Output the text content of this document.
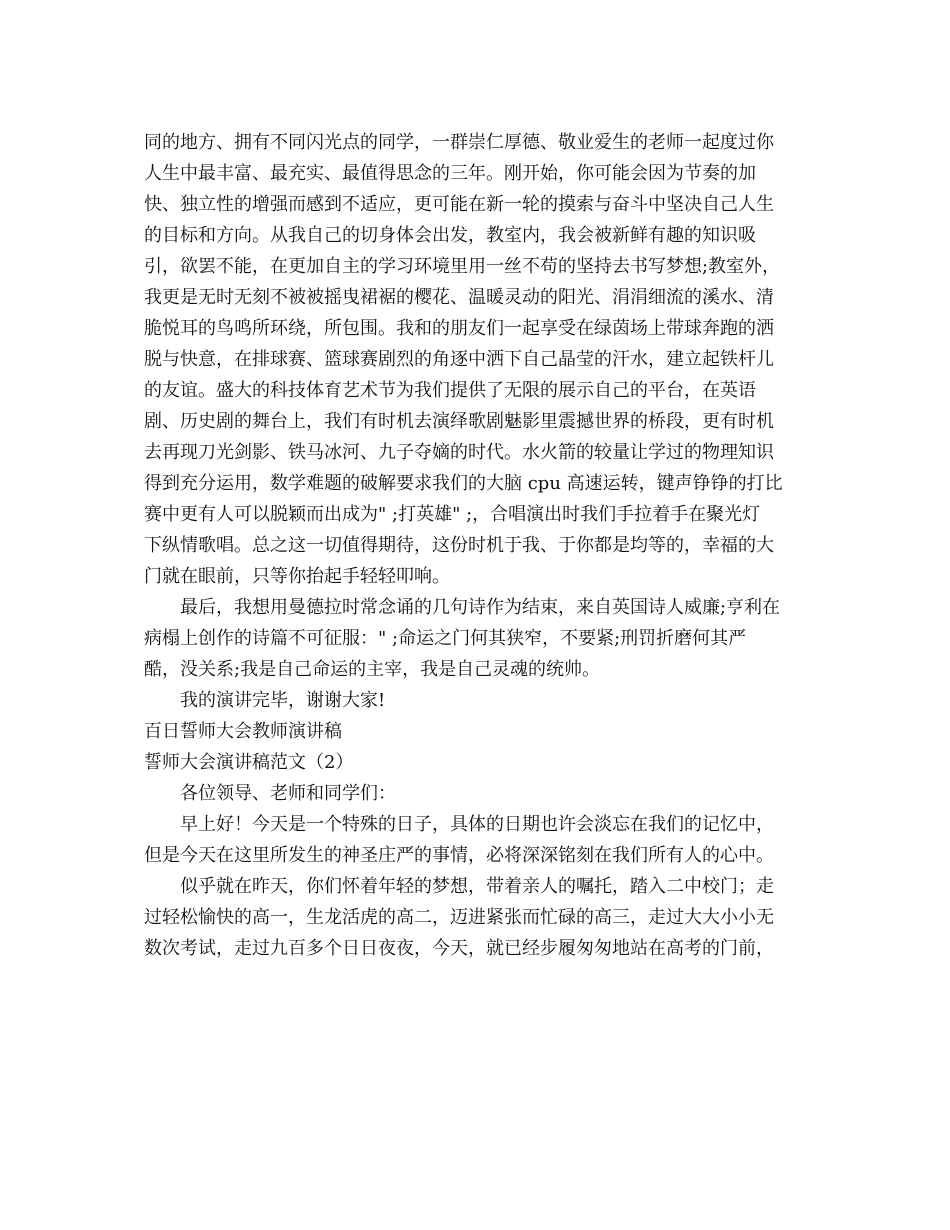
同的地方、拥有不同闪光点的同学，一群崇仁厚德、敬业爱生的老师一起度过你
人生中最丰富、最充实、最值得思念的三年。刚开始，你可能会因为节奏的加
快、独立性的增强而感到不适应，更可能在新一轮的摸索与奋斗中坚决自己人生
的目标和方向。从我自己的切身体会出发，教室内，我会被新鲜有趣的知识吸
引，欲罢不能，在更加自主的学习环境里用一丝不苟的坚持去书写梦想;教室外，
我更是无时无刻不被被摇曳裙裾的樱花、温暖灵动的阳光、涓涓细流的溪水、清
脆悦耳的鸟鸣所环绕，所包围。我和的朋友们一起享受在绿茵场上带球奔跑的洒
脱与快意，在排球赛、篮球赛剧烈的角逐中洒下自己晶莹的汗水，建立起铁杆儿
的友谊。盛大的科技体育艺术节为我们提供了无限的展示自己的平台，在英语
剧、历史剧的舞台上，我们有时机去演绎歌剧魅影里震撼世界的桥段，更有时机
去再现刀光剑影、铁马冰河、九子夺嫡的时代。水火箭的较量让学过的物理知识
得到充分运用，数学难题的破解要求我们的大脑 cpu 高速运转，键声铮铮的打比
赛中更有人可以脱颖而出成为" ;打英雄" ;，合唱演出时我们手拉着手在聚光灯
下纵情歌唱。总之这一切值得期待，这份时机于我、于你都是均等的，幸福的大
门就在眼前，只等你抬起手轻轻叩响。
最后，我想用曼德拉时常念诵的几句诗作为结束，来自英国诗人威廉;亨利在
病榻上创作的诗篇不可征服：" ;命运之门何其狭窄，不要紧;刑罚折磨何其严
酷，没关系;我是自己命运的主宰，我是自己灵魂的统帅。
我的演讲完毕，谢谢大家!
百日誓师大会教师演讲稿
誓师大会演讲稿范文（2）
各位领导、老师和同学们：
早上好！今天是一个特殊的日子，具体的日期也许会淡忘在我们的记忆中，
但是今天在这里所发生的神圣庄严的事情，必将深深铭刻在我们所有人的心中。
似乎就在昨天，你们怀着年轻的梦想，带着亲人的嘱托，踏入二中校门；走
过轻松愉快的高一，生龙活虎的高二，迈进紧张而忙碌的高三，走过大大小小无
数次考试，走过九百多个日日夜夜，今天，就已经步履匆匆地站在高考的门前，
